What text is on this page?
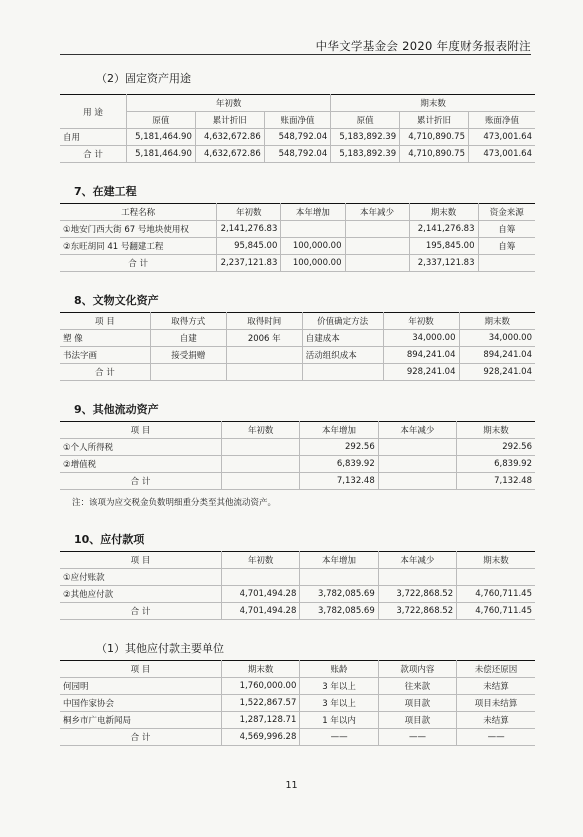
中华文学基金会 2020 年度财务报表附注
（2）固定资产用途
用 途	年初数			期末数		
	原值	累计折旧	账面净值	原值	累计折旧	账面净值
自用	5,181,464.90	4,632,672.86	548,792.04	5,183,892.39	4,710,890.75	473,001.64
合 计	5,181,464.90	4,632,672.86	548,792.04	5,183,892.39	4,710,890.75	473,001.64
7、在建工程
工程名称	年初数	本年增加	本年减少	期末数	资金来源
①地安门西大街 67 号地块使用权	2,141,276.83			2,141,276.83	自筹
②东旺胡同 41 号翻建工程	95,845.00	100,000.00		195,845.00	自筹
合 计	2,237,121.83	100,000.00		2,337,121.83	
8、文物文化资产
项 目	取得方式	取得时间	价值确定方法	年初数	期末数
塑 像	自建	2006 年	自建成本	34,000.00	34,000.00
书法字画	接受捐赠		活动组织成本	894,241.04	894,241.04
合 计				928,241.04	928,241.04
9、其他流动资产
项 目	年初数	本年增加	本年减少	期末数
①个人所得税		292.56		292.56
②增值税		6,839.92		6,839.92
合 计		7,132.48		7,132.48
注：该项为应交税金负数明细重分类至其他流动资产。
10、应付款项
项 目	年初数	本年增加	本年减少	期末数
①应付账款				
②其他应付款	4,701,494.28	3,782,085.69	3,722,868.52	4,760,711.45
合 计	4,701,494.28	3,782,085.69	3,722,868.52	4,760,711.45
（1）其他应付款主要单位
项 目	期末数	账龄	款项内容	未偿还原因
何园明	1,760,000.00	3 年以上	往来款	未结算
中国作家协会	1,522,867.57	3 年以上	项目款	项目未结算
桐乡市广电新闻局	1,287,128.71	1 年以内	项目款	未结算
合 计	4,569,996.28	——	——	——
11
